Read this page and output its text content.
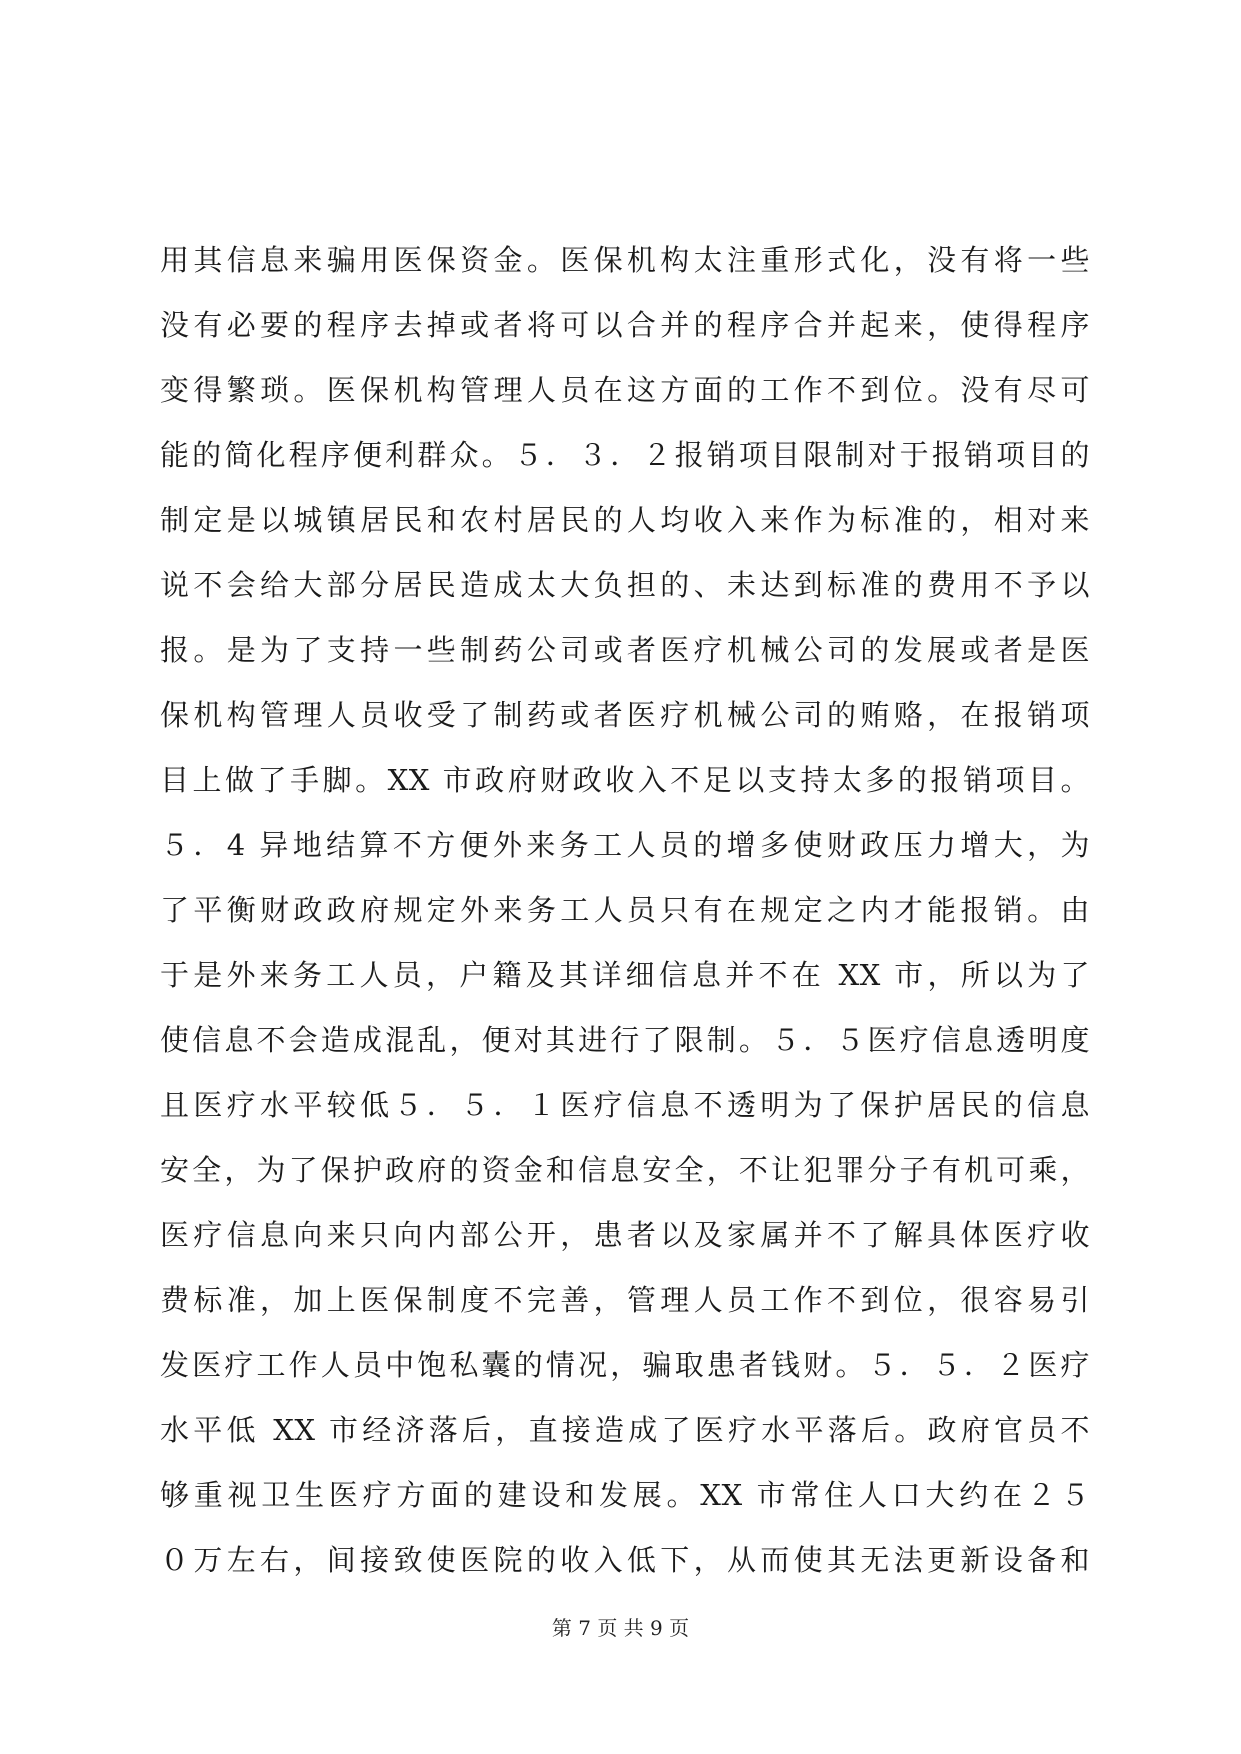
用其信息来骗用医保资金。医保机构太注重形式化，没有将一些
没有必要的程序去掉或者将可以合并的程序合并起来，使得程序
变得繁琐。医保机构管理人员在这方面的工作不到位。没有尽可
能的简化程序便利群众。５．３．２报销项目限制对于报销项目的
制定是以城镇居民和农村居民的人均收入来作为标准的，相对来
说不会给大部分居民造成太大负担的、未达到标准的费用不予以
报。是为了支持一些制药公司或者医疗机械公司的发展或者是医
保机构管理人员收受了制药或者医疗机械公司的贿赂，在报销项
目上做了手脚。XX 市政府财政收入不足以支持太多的报销项目。
５．4 异地结算不方便外来务工人员的增多使财政压力增大，为
了平衡财政政府规定外来务工人员只有在规定之内才能报销。由
于是外来务工人员，户籍及其详细信息并不在 XX 市，所以为了
使信息不会造成混乱，便对其进行了限制。５．５医疗信息透明度
且医疗水平较低５．５．１医疗信息不透明为了保护居民的信息
安全，为了保护政府的资金和信息安全，不让犯罪分子有机可乘，
医疗信息向来只向内部公开，患者以及家属并不了解具体医疗收
费标准，加上医保制度不完善，管理人员工作不到位，很容易引
发医疗工作人员中饱私囊的情况，骗取患者钱财。５．５．２医疗
水平低 XX 市经济落后，直接造成了医疗水平落后。政府官员不
够重视卫生医疗方面的建设和发展。XX 市常住人口大约在２５
０万左右，间接致使医院的收入低下，从而使其无法更新设备和
第 7 页 共 9 页
